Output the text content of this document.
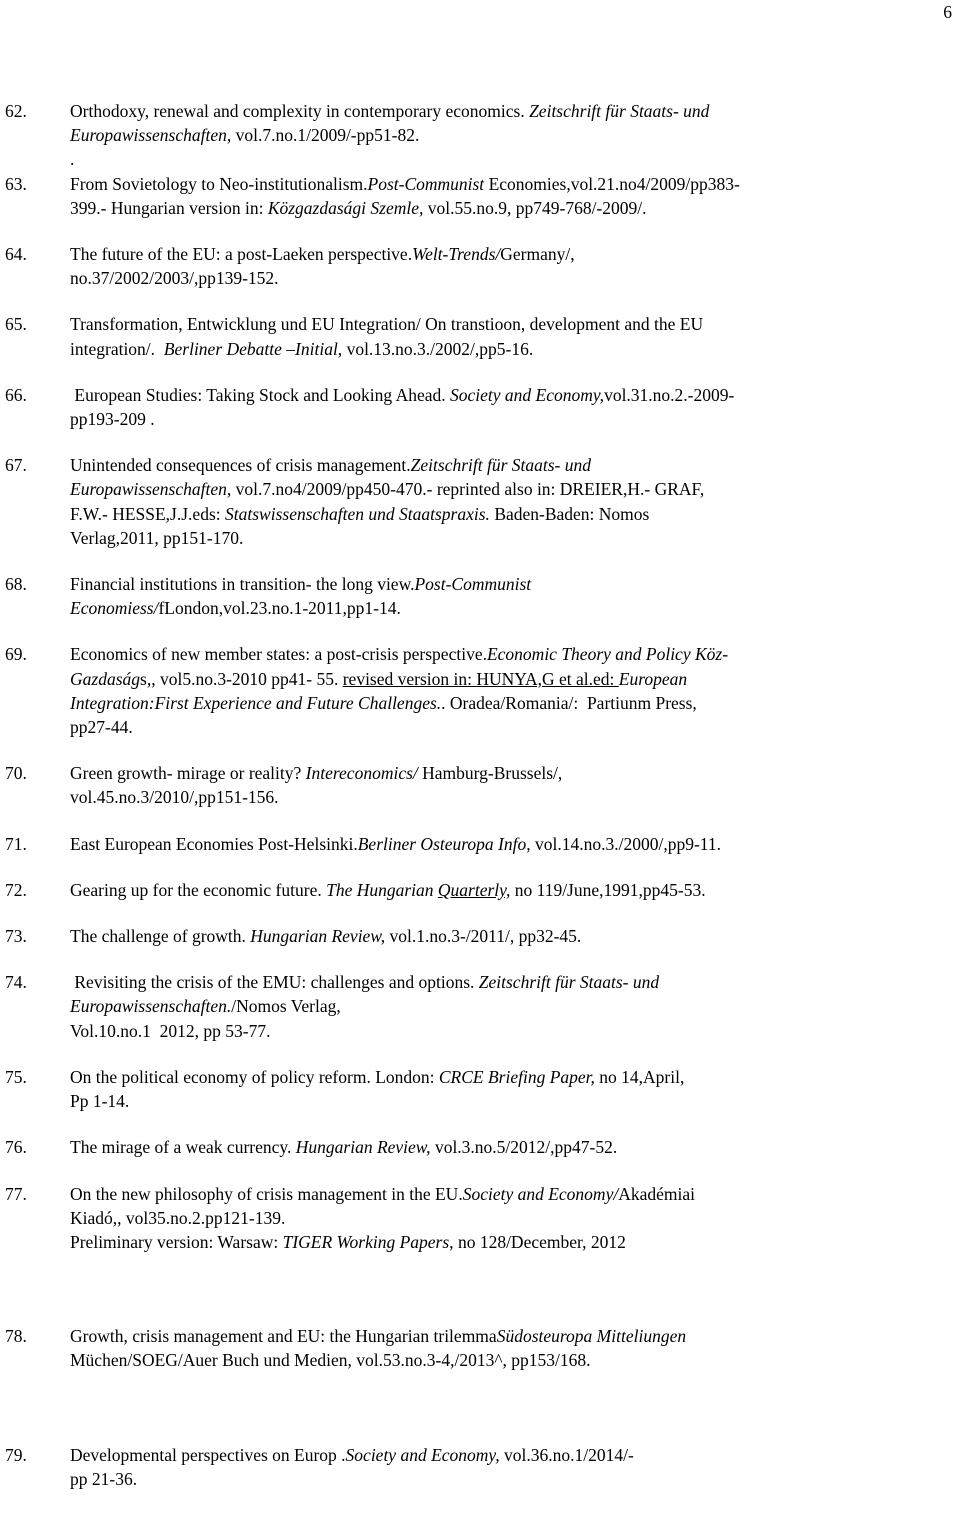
6
62. Orthodoxy, renewal and complexity in contemporary economics. Zeitschrift für Staats- und
Europawissenschaften, vol.7.no.1/2009/-pp51-82.
.
63. From Sovietology to Neo-institutionalism.Post-Communist Economies,vol.21.no4/2009/pp383-
399.- Hungarian version in: Közgazdasági Szemle, vol.55.no.9, pp749-768/-2009/.
64. The future of the EU: a post-Laeken perspective.Welt-Trends/Germany/,
no.37/2002/2003/,pp139-152.
65. Transformation, Entwicklung und EU Integration/ On transtioon, development and the EU
integration/.  Berliner Debatte –Initial, vol.13.no.3./2002/,pp5-16.
66. European Studies: Taking Stock and Looking Ahead. Society and Economy,vol.31.no.2.-2009-
pp193-209 .
67. Unintended consequences of crisis management.Zeitschrift für Staats- und
Europawissenschaften, vol.7.no4/2009/pp450-470.- reprinted also in: DREIER,H.- GRAF,
F.W.- HESSE,J.J.eds: Statswissenschaften und Staatspraxis. Baden-Baden: Nomos
Verlag,2011, pp151-170.
68. Financial institutions in transition- the long view.Post-Communist
Economiess/fLondon,vol.23.no.1-2011,pp1-14.
69. Economics of new member states: a post-crisis perspective.Economic Theory and Policy Köz-
Gazdaságs,, vol5.no.3-2010 pp41- 55. revised version in: HUNYA,G et al.ed: European
Integration:First Experience and Future Challenges.. Oradea/Romania/:  Partiunm Press,
pp27-44.
70. Green growth- mirage or reality? Intereconomics/ Hamburg-Brussels/,
vol.45.no.3/2010/,pp151-156.
71. East European Economies Post-Helsinki.Berliner Osteuropa Info, vol.14.no.3./2000/,pp9-11.
72. Gearing up for the economic future. The Hungarian Quarterly, no 119/June,1991,pp45-53.
73. The challenge of growth. Hungarian Review, vol.1.no.3-/2011/, pp32-45.
74. Revisiting the crisis of the EMU: challenges and options. Zeitschrift für Staats- und
Europawissenschaften./Nomos Verlag,
Vol.10.no.1  2012, pp 53-77.
75. On the political economy of policy reform. London: CRCE Briefing Paper, no 14,April,
Pp 1-14.
76. The mirage of a weak currency. Hungarian Review, vol.3.no.5/2012/,pp47-52.
77. On the new philosophy of crisis management in the EU.Society and Economy/Akadémiai
Kiadó,, vol35.no.2.pp121-139.
Preliminary version: Warsaw: TIGER Working Papers, no 128/December, 2012
78. Growth, crisis management and EU: the Hungarian trilemmaSüdosteuropa Mitteliungen
Müchen/SOEG/Auer Buch und Medien, vol.53.no.3-4,/2013^, pp153/168.
79. Developmental perspectives on Europ .Society and Economy, vol.36.no.1/2014/-
pp 21-36.
